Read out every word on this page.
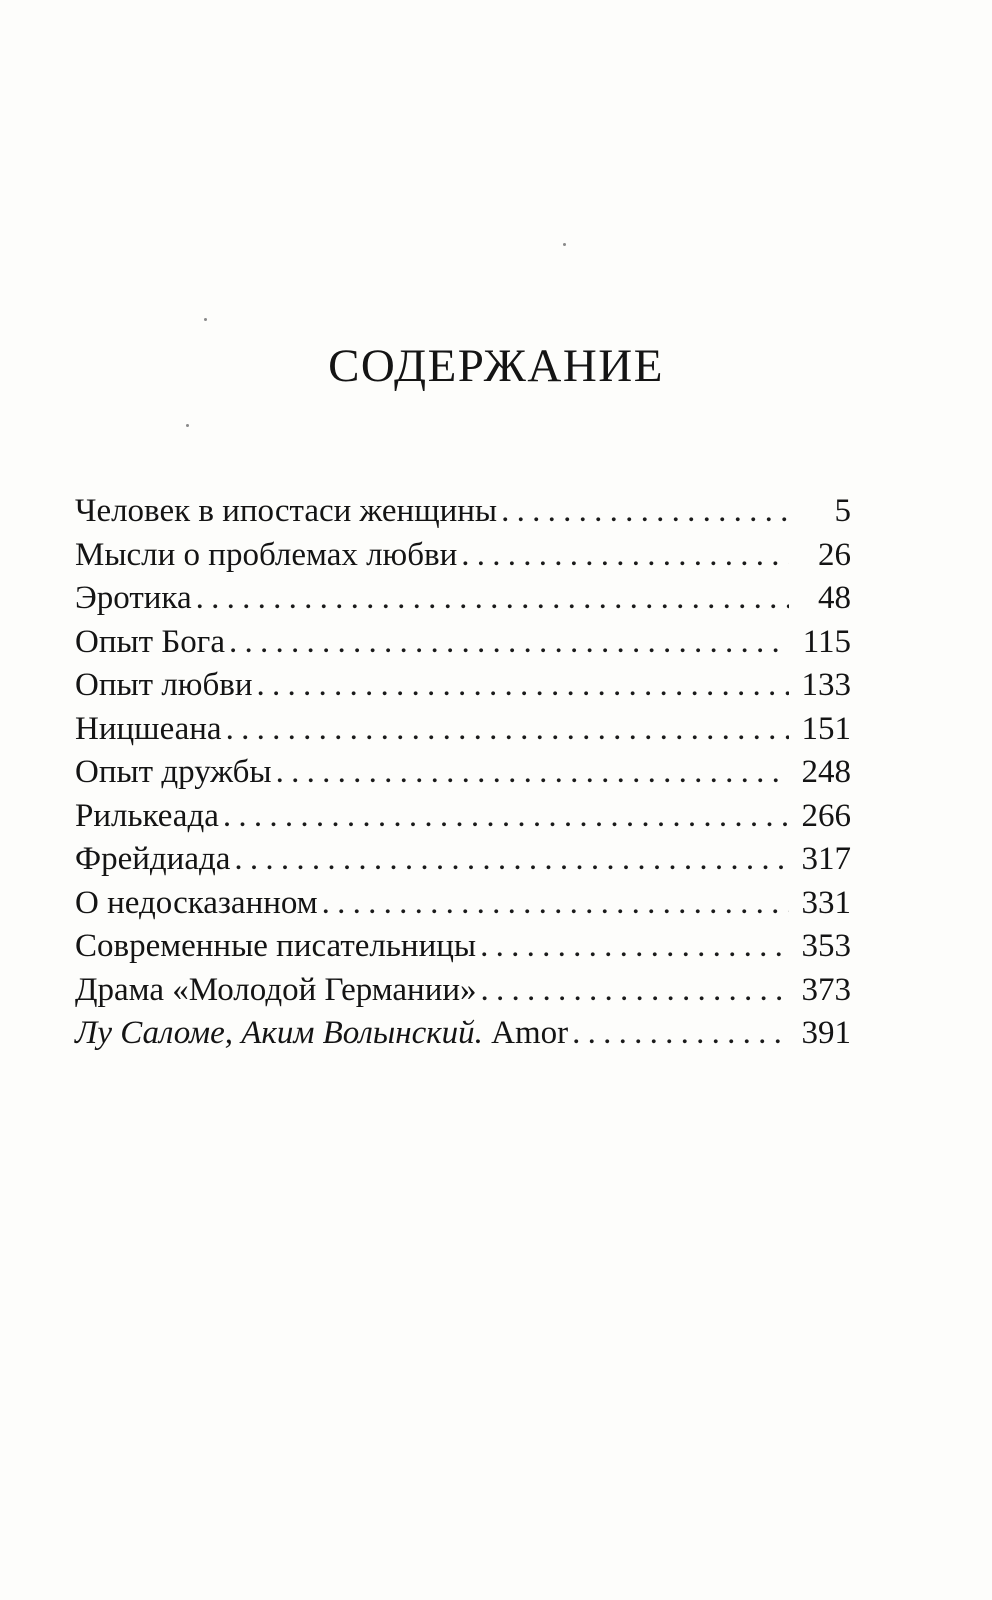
СОДЕРЖАНИЕ
Человек в ипостаси женщины . . .	5
Мысли о проблемах любви . . .	26
Эротика . . .	48
Опыт Бога . . .	115
Опыт любви . . .	133
Ницшеана . . .	151
Опыт дружбы . . .	248
Рилькеада . . .	266
Фрейдиада . . .	317
О недосказанном . . .	331
Современные писательницы . . .	353
Драма «Молодой Германии» . . .	373
Лу Саломе, Аким Волынский. Amor . . .	391
